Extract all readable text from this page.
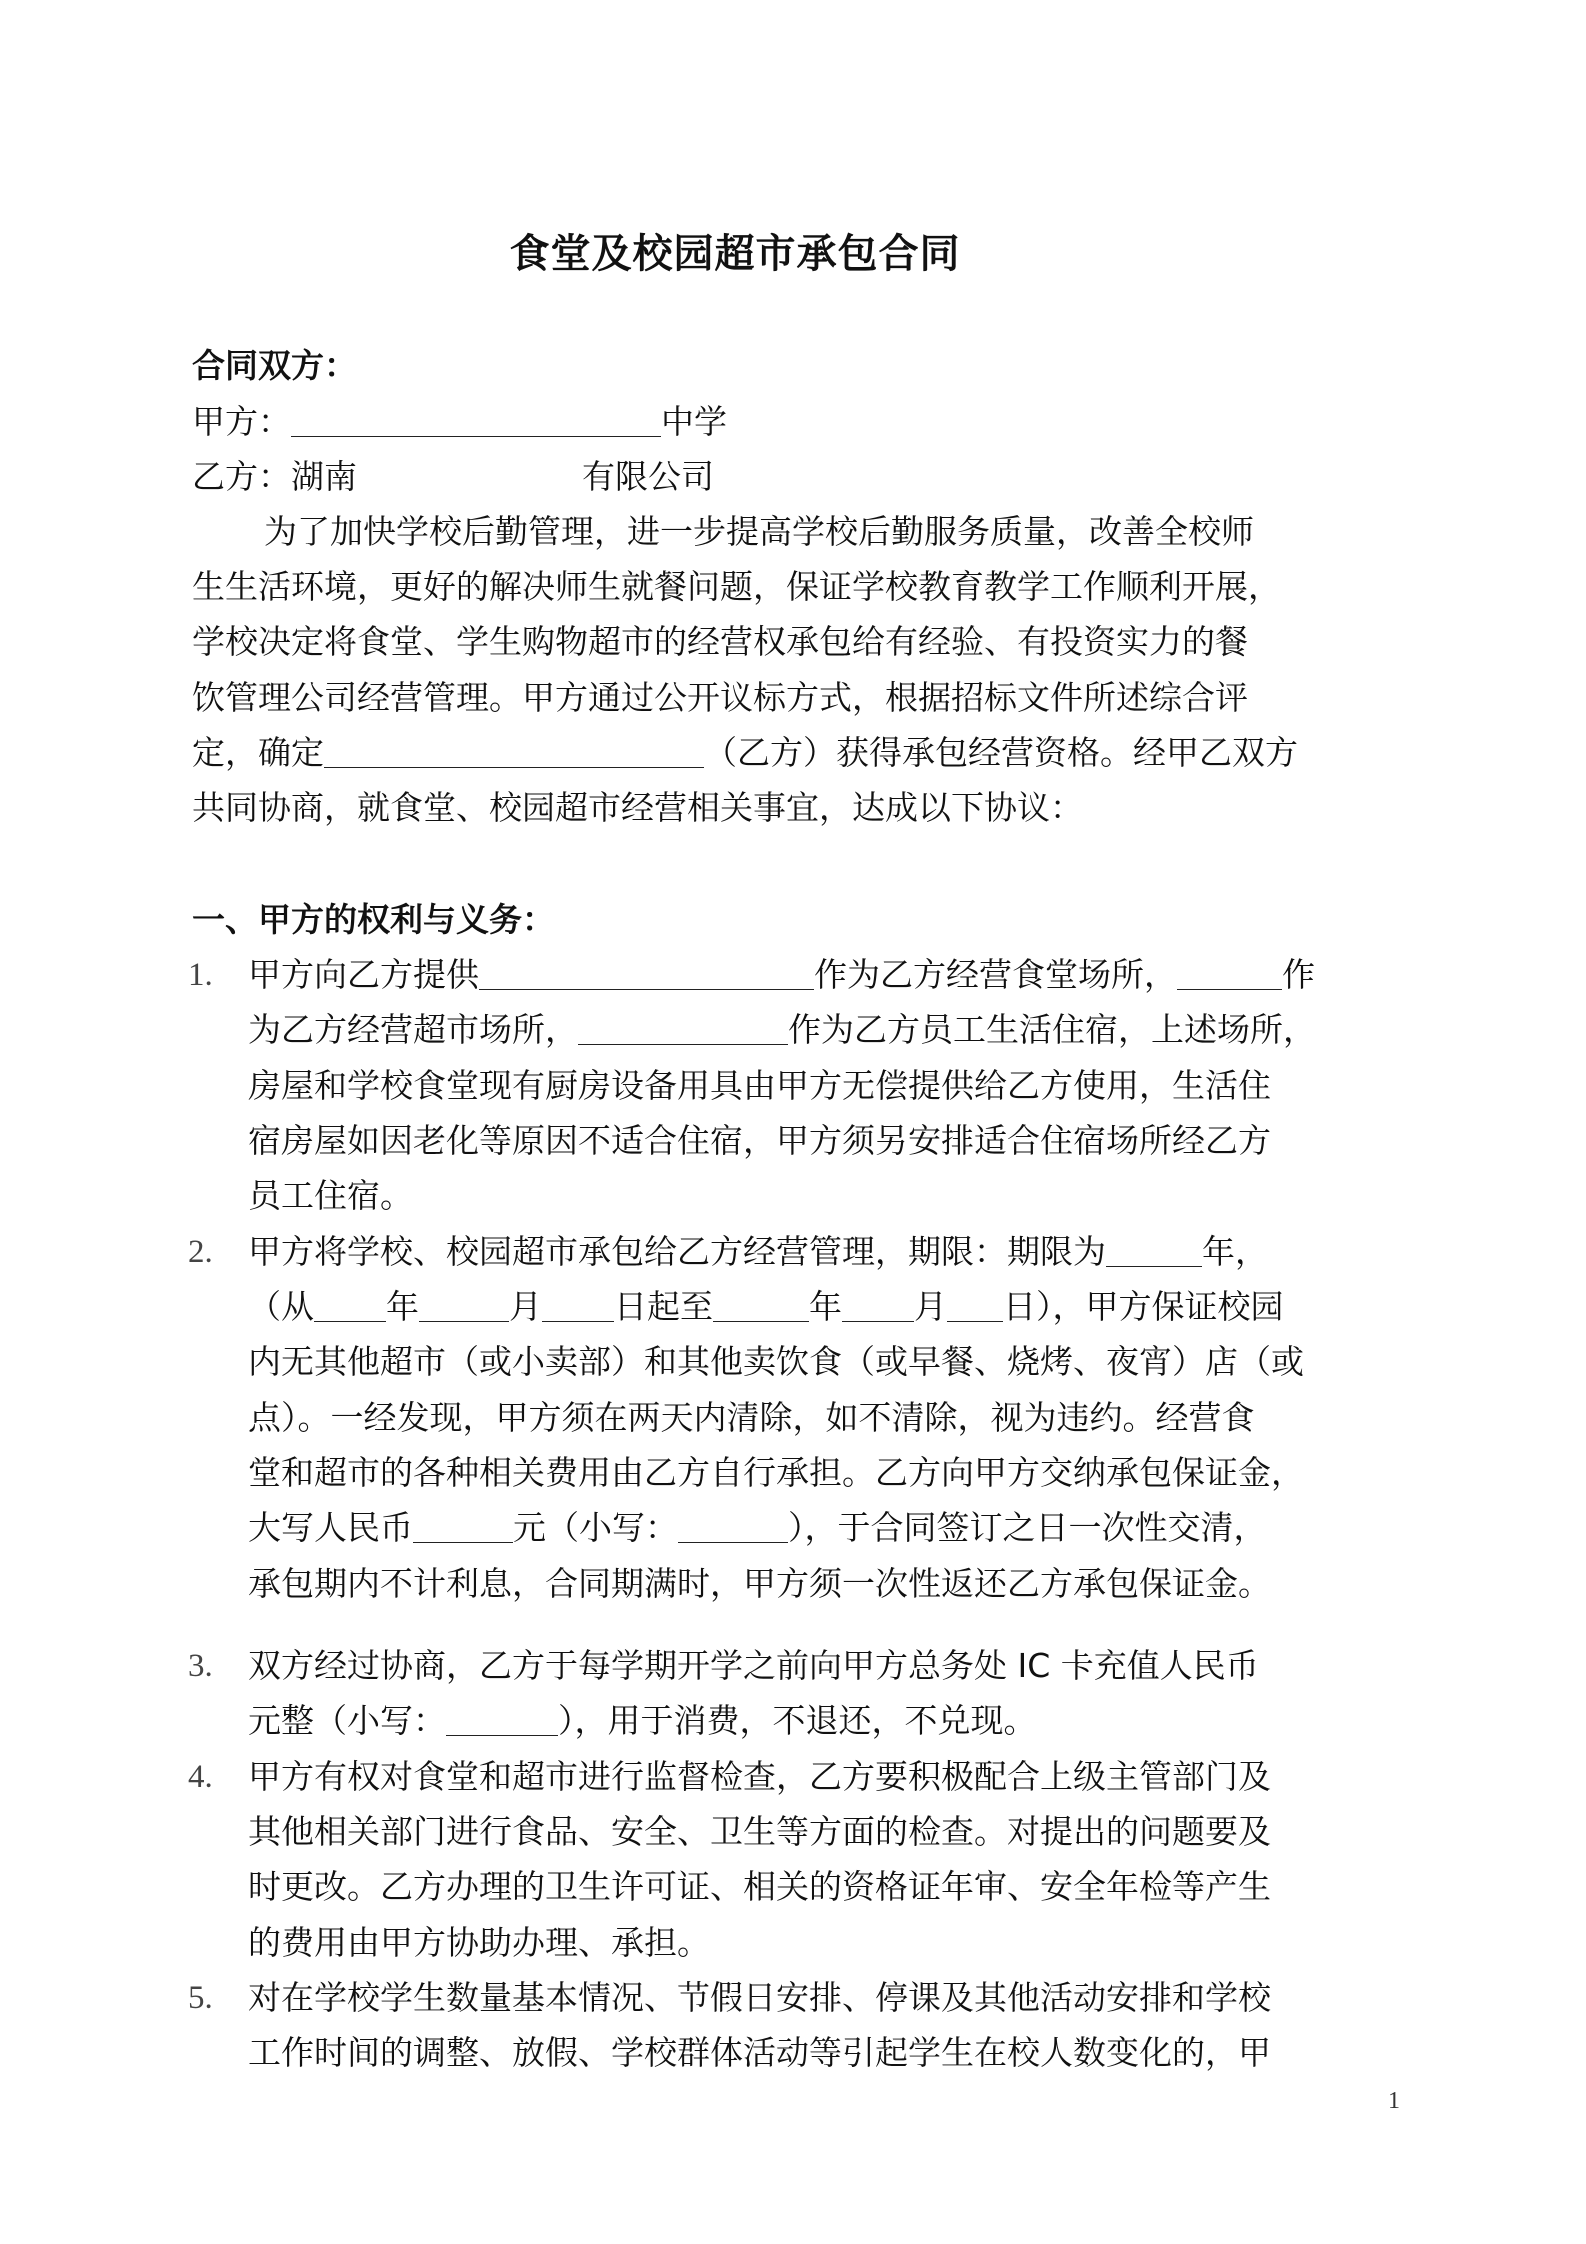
食堂及校园超市承包合同
合同双方：
甲方：	中学
乙方：湖南	有限公司
为了加快学校后勤管理，进一步提高学校后勤服务质量，改善全校师
生生活环境，更好的解决师生就餐问题，保证学校教育教学工作顺利开展，
学校决定将食堂、学生购物超市的经营权承包给有经验、有投资实力的餐
饮管理公司经营管理。甲方通过公开议标方式，根据招标文件所述综合评
定，确定	（乙方）获得承包经营资格。经甲乙双方
共同协商，就食堂、校园超市经营相关事宜，达成以下协议：
一、甲方的权利与义务：
1. 甲方向乙方提供	作为乙方经营食堂场所，	作
为乙方经营超市场所，	作为乙方员工生活住宿，上述场所，
房屋和学校食堂现有厨房设备用具由甲方无偿提供给乙方使用，生活住
宿房屋如因老化等原因不适合住宿，甲方须另安排适合住宿场所经乙方
员工住宿。
2. 甲方将学校、校园超市承包给乙方经营管理，期限：期限为	年，
（从 年	月 日起至	年 月 日），甲方保证校园
内无其他超市（或小卖部）和其他卖饮食（或早餐、烧烤、夜宵）店（或
点）。一经发现，甲方须在两天内清除，如不清除，视为违约。经营食
堂和超市的各种相关费用由乙方自行承担。乙方向甲方交纳承包保证金，
大写人民币	元（小写：	），于合同签订之日一次性交清，
承包期内不计利息，合同期满时，甲方须一次性返还乙方承包保证金。
3. 双方经过协商，乙方于每学期开学之前向甲方总务处 IC 卡充值人民币
元整（小写：	），用于消费，不退还，不兑现。
4. 甲方有权对食堂和超市进行监督检查，乙方要积极配合上级主管部门及
其他相关部门进行食品、安全、卫生等方面的检查。对提出的问题要及
时更改。乙方办理的卫生许可证、相关的资格证年审、安全年检等产生
的费用由甲方协助办理、承担。
5. 对在学校学生数量基本情况、节假日安排、停课及其他活动安排和学校
工作时间的调整、放假、学校群体活动等引起学生在校人数变化的，甲
1
